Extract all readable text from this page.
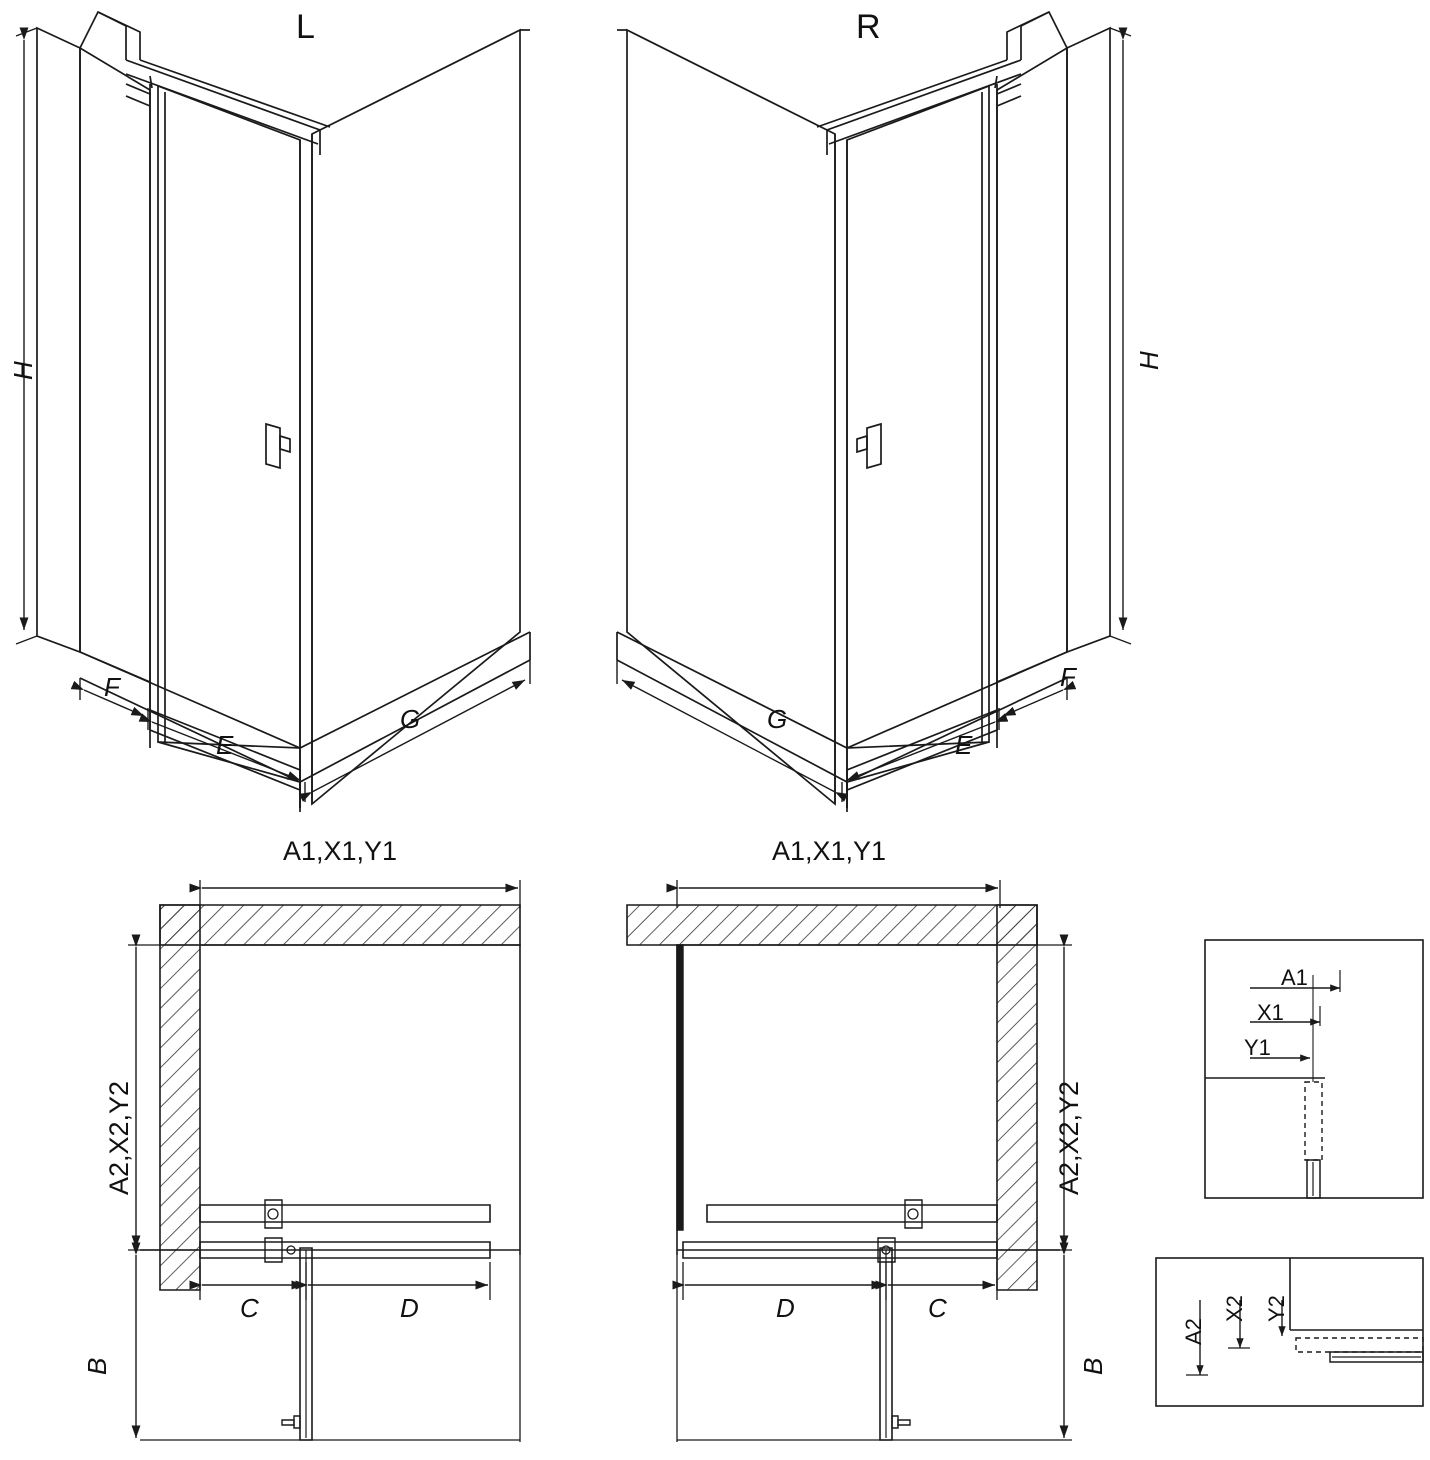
L	R
H
H
F
E
G
F
E
G
A1,X1,Y1	A1,X1,Y1
A2,X2,Y2	A2,X2,Y2
C	D
B
D	C
B
A1
X1
Y1
A2
X2 Y2
